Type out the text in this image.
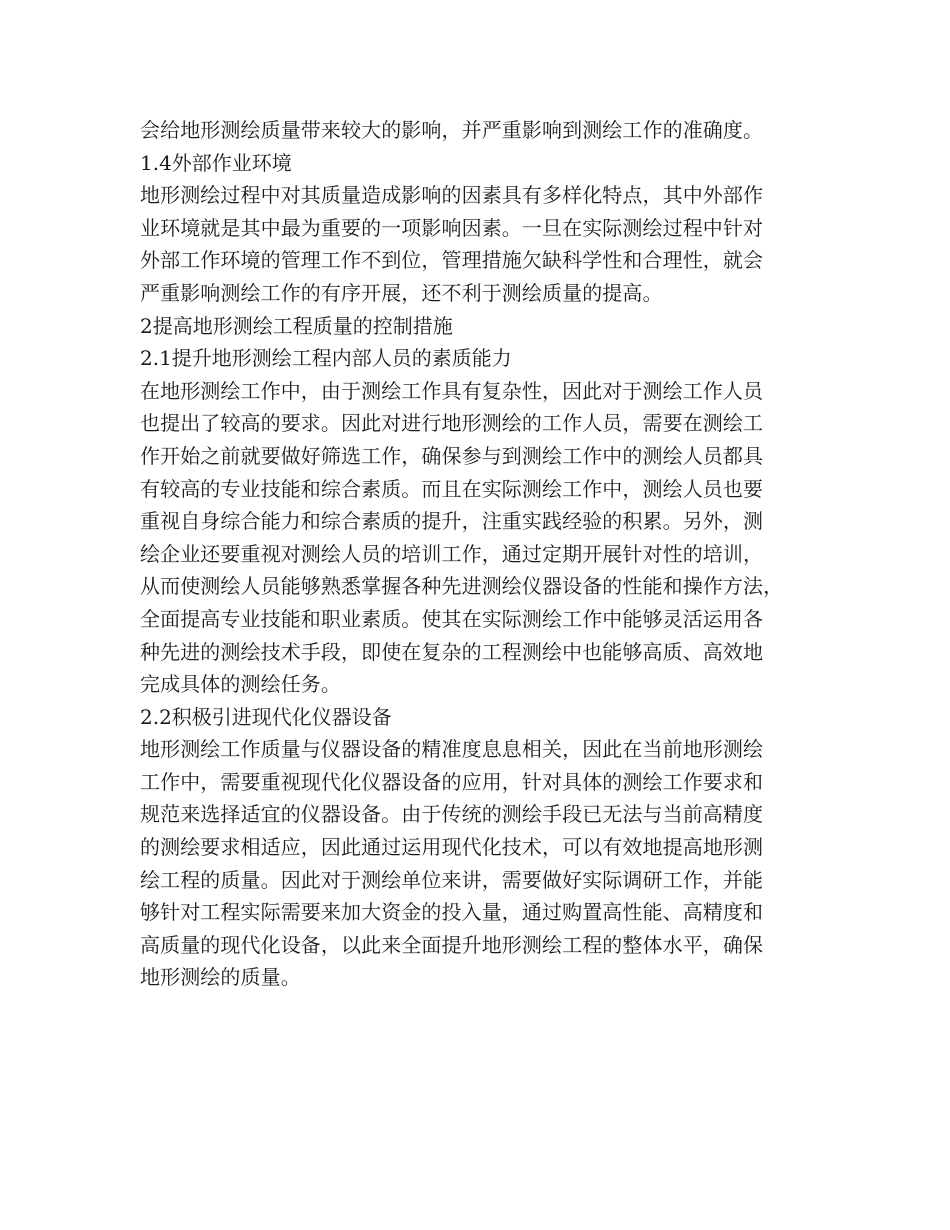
会给地形测绘质量带来较大的影响，并严重影响到测绘工作的准确度。
1.4外部作业环境
地形测绘过程中对其质量造成影响的因素具有多样化特点，其中外部作
业环境就是其中最为重要的一项影响因素。一旦在实际测绘过程中针对
外部工作环境的管理工作不到位，管理措施欠缺科学性和合理性，就会
严重影响测绘工作的有序开展，还不利于测绘质量的提高。
2提高地形测绘工程质量的控制措施
2.1提升地形测绘工程内部人员的素质能力
在地形测绘工作中，由于测绘工作具有复杂性，因此对于测绘工作人员
也提出了较高的要求。因此对进行地形测绘的工作人员，需要在测绘工
作开始之前就要做好筛选工作，确保参与到测绘工作中的测绘人员都具
有较高的专业技能和综合素质。而且在实际测绘工作中，测绘人员也要
重视自身综合能力和综合素质的提升，注重实践经验的积累。另外，测
绘企业还要重视对测绘人员的培训工作，通过定期开展针对性的培训，
从而使测绘人员能够熟悉掌握各种先进测绘仪器设备的性能和操作方法，
全面提高专业技能和职业素质。使其在实际测绘工作中能够灵活运用各
种先进的测绘技术手段，即使在复杂的工程测绘中也能够高质、高效地
完成具体的测绘任务。
2.2积极引进现代化仪器设备
地形测绘工作质量与仪器设备的精准度息息相关，因此在当前地形测绘
工作中，需要重视现代化仪器设备的应用，针对具体的测绘工作要求和
规范来选择适宜的仪器设备。由于传统的测绘手段已无法与当前高精度
的测绘要求相适应，因此通过运用现代化技术，可以有效地提高地形测
绘工程的质量。因此对于测绘单位来讲，需要做好实际调研工作，并能
够针对工程实际需要来加大资金的投入量，通过购置高性能、高精度和
高质量的现代化设备，以此来全面提升地形测绘工程的整体水平，确保
地形测绘的质量。
